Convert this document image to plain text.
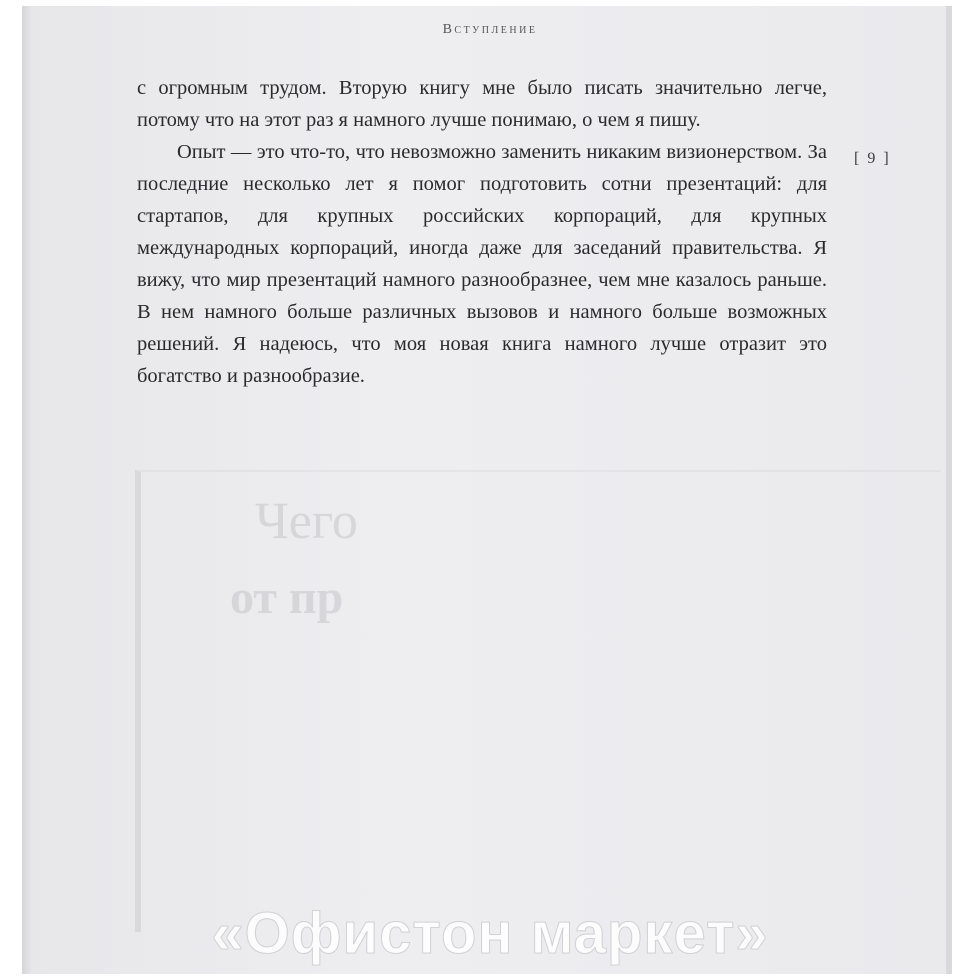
Чего
от пр
Вступление
[ 9 ]

с огромным трудом. Вторую книгу мне было писать значительно легче, потому что на этот раз я намного лучше понимаю, о чем я пишу.

Опыт — это что-то, что невозможно заменить никаким визионерством. За последние несколько лет я помог подготовить сотни презентаций: для стартапов, для крупных российских корпораций, для крупных международных корпораций, иногда даже для заседаний правительства. Я вижу, что мир презентаций намного разнообразнее, чем мне казалось раньше. В нем намного больше различных вызовов и намного больше возможных решений. Я надеюсь, что моя новая книга намного лучше отразит это богатство и разнообразие.

«Офистон маркет»
